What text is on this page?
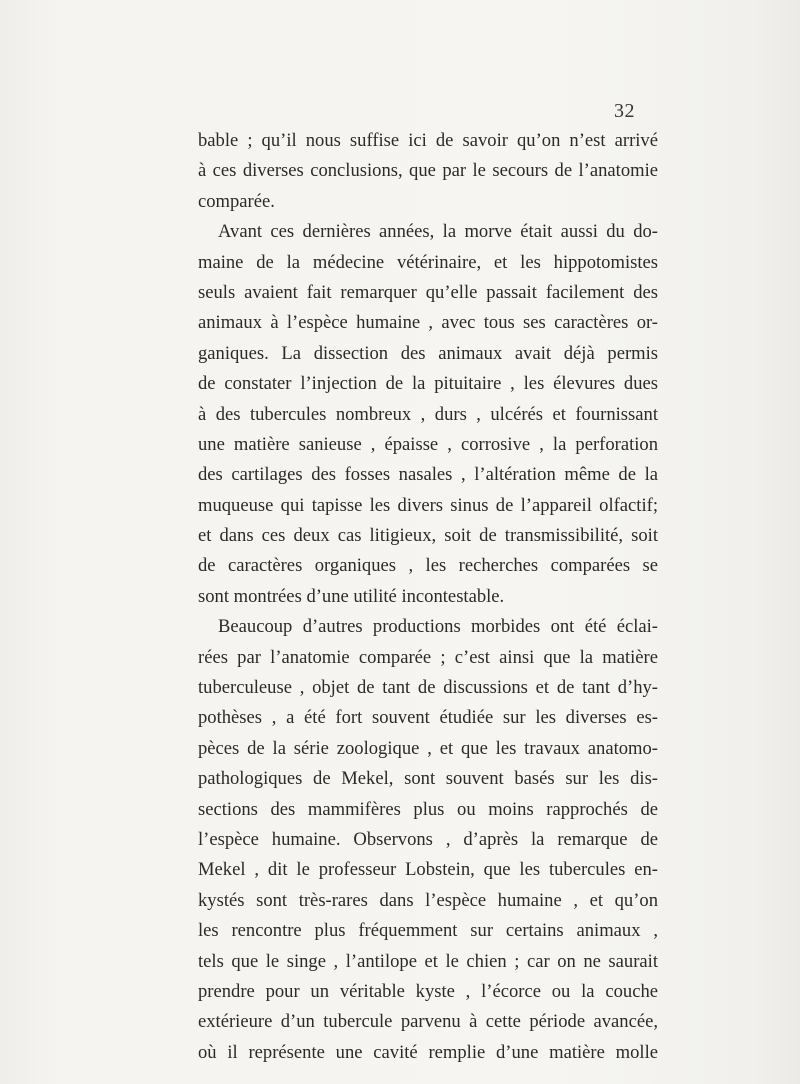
32
bable ; qu’il nous suffise ici de savoir qu’on n’est arrivé
à ces diverses conclusions, que par le secours de l’anatomie
comparée.
Avant ces dernières années, la morve était aussi du do-
maine de la médecine vétérinaire, et les hippotomistes
seuls avaient fait remarquer qu’elle passait facilement des
animaux à l’espèce humaine , avec tous ses caractères or-
ganiques. La dissection des animaux avait déjà permis
de constater l’injection de la pituitaire , les élevures dues
à des tubercules nombreux , durs , ulcérés et fournissant
une matière sanieuse , épaisse , corrosive , la perforation
des cartilages des fosses nasales , l’altération même de la
muqueuse qui tapisse les divers sinus de l’appareil olfactif;
et dans ces deux cas litigieux, soit de transmissibilité, soit
de caractères organiques , les recherches comparées se
sont montrées d’une utilité incontestable.
Beaucoup d’autres productions morbides ont été éclai-
rées par l’anatomie comparée ; c’est ainsi que la matière
tuberculeuse , objet de tant de discussions et de tant d’hy-
pothèses , a été fort souvent étudiée sur les diverses es-
pèces de la série zoologique , et que les travaux anatomo-
pathologiques de Mekel, sont souvent basés sur les dis-
sections des mammifères plus ou moins rapprochés de
l’espèce humaine. Observons , d’après la remarque de
Mekel , dit le professeur Lobstein, que les tubercules en-
kystés sont très-rares dans l’espèce humaine , et qu’on
les rencontre plus fréquemment sur certains animaux ,
tels que le singe , l’antilope et le chien ; car on ne saurait
prendre pour un véritable kyste , l’écorce ou la couche
extérieure d’un tubercule parvenu à cette période avancée,
où il représente une cavité remplie d’une matière molle
